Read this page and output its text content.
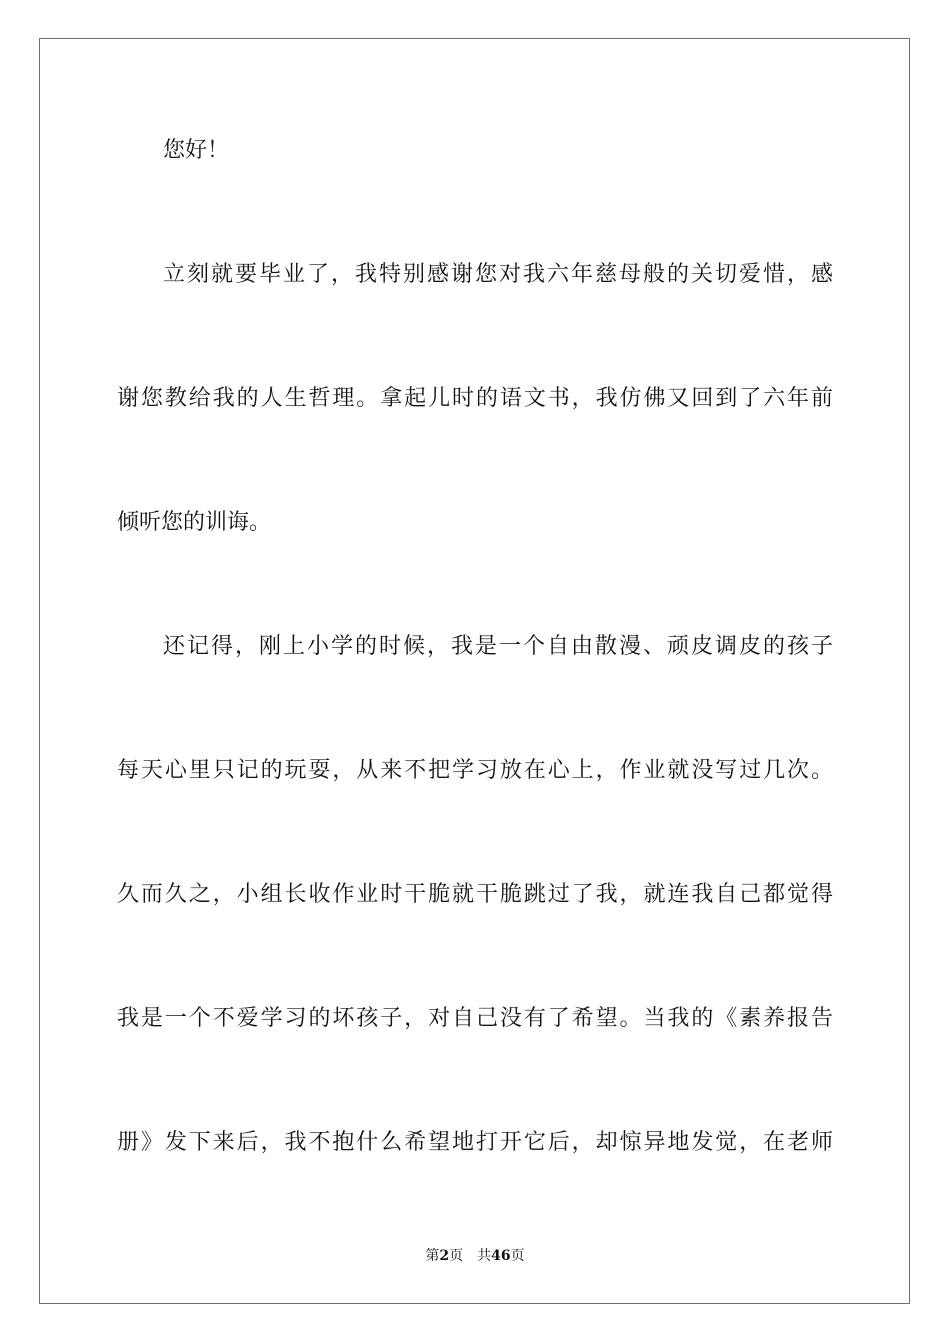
您好！
立刻就要毕业了，我特别感谢您对我六年慈母般的关切爱惜，感
谢您教给我的人生哲理。拿起儿时的语文书，我仿佛又回到了六年前
倾听您的训诲。
还记得，刚上小学的时候，我是一个自由散漫、顽皮调皮的孩子
每天心里只记的玩耍，从来不把学习放在心上，作业就没写过几次。
久而久之，小组长收作业时干脆就干脆跳过了我，就连我自己都觉得
我是一个不爱学习的坏孩子，对自己没有了希望。当我的《素养报告
册》发下来后，我不抱什么希望地打开它后，却惊异地发觉，在老师
第2页 共46页
